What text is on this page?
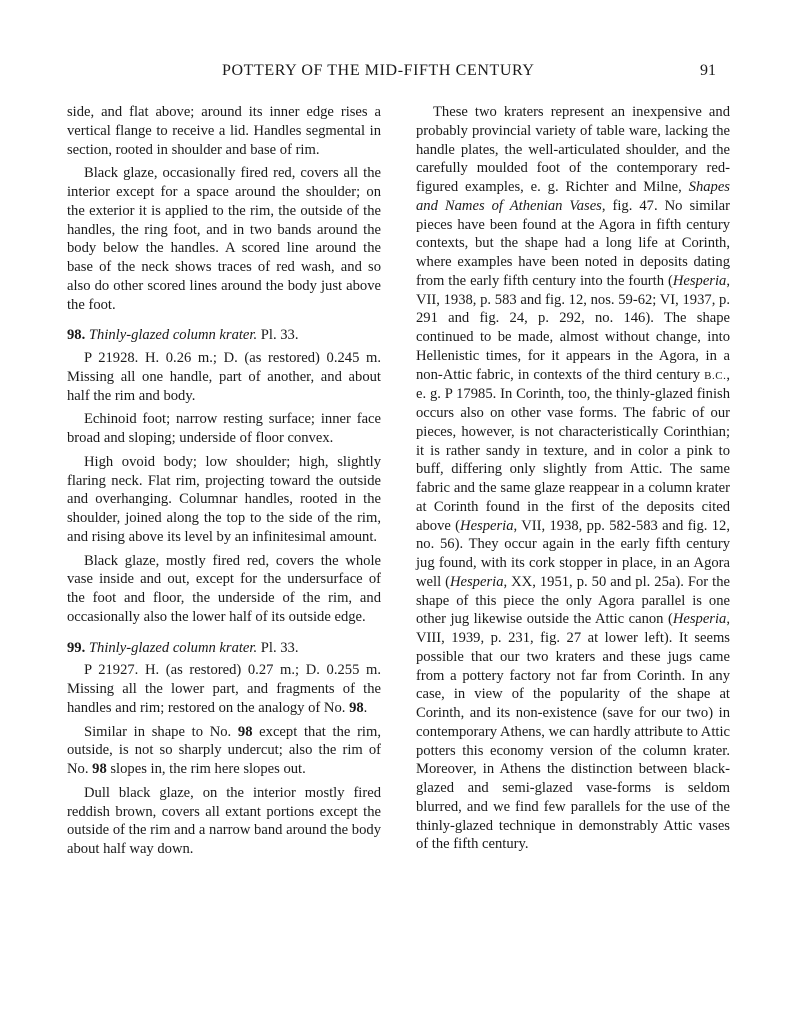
POTTERY OF THE MID-FIFTH CENTURY	91

side, and flat above; around its inner edge rises a vertical flange to receive a lid. Handles segmental in section, rooted in shoulder and base of rim.

Black glaze, occasionally fired red, covers all the interior except for a space around the shoulder; on the exterior it is applied to the rim, the outside of the handles, the ring foot, and in two bands around the body below the handles. A scored line around the base of the neck shows traces of red wash, and so also do other scored lines around the body just above the foot.

98. Thinly-glazed column krater. Pl. 33.

P 21928. H. 0.26 m.; D. (as restored) 0.245 m. Missing all one handle, part of another, and about half the rim and body.

Echinoid foot; narrow resting surface; inner face broad and sloping; underside of floor convex.

High ovoid body; low shoulder; high, slightly flaring neck. Flat rim, projecting toward the outside and overhanging. Columnar handles, rooted in the shoulder, joined along the top to the side of the rim, and rising above its level by an infinitesimal amount.

Black glaze, mostly fired red, covers the whole vase inside and out, except for the undersurface of the foot and floor, the underside of the rim, and occasionally also the lower half of its outside edge.

99. Thinly-glazed column krater. Pl. 33.

P 21927. H. (as restored) 0.27 m.; D. 0.255 m. Missing all the lower part, and fragments of the handles and rim; restored on the analogy of No. 98.

Similar in shape to No. 98 except that the rim, outside, is not so sharply undercut; also the rim of No. 98 slopes in, the rim here slopes out.

Dull black glaze, on the interior mostly fired reddish brown, covers all extant portions except the outside of the rim and a narrow band around the body about half way down.

These two kraters represent an inexpensive and probably provincial variety of table ware, lacking the handle plates, the well-articulated shoulder, and the carefully moulded foot of the contemporary red-figured examples, e. g. Richter and Milne, Shapes and Names of Athenian Vases, fig. 47. No similar pieces have been found at the Agora in fifth century contexts, but the shape had a long life at Corinth, where examples have been noted in deposits dating from the early fifth century into the fourth (Hesperia, VII, 1938, p. 583 and fig. 12, nos. 59-62; VI, 1937, p. 291 and fig. 24, p. 292, no. 146). The shape continued to be made, almost without change, into Hellenistic times, for it appears in the Agora, in a non-Attic fabric, in contexts of the third century B.C., e. g. P 17985. In Corinth, too, the thinly-glazed finish occurs also on other vase forms. The fabric of our pieces, however, is not characteristically Corinthian; it is rather sandy in texture, and in color a pink to buff, differing only slightly from Attic. The same fabric and the same glaze reappear in a column krater at Corinth found in the first of the deposits cited above (Hesperia, VII, 1938, pp. 582-583 and fig. 12, no. 56). They occur again in the early fifth century jug found, with its cork stopper in place, in an Agora well (Hesperia, XX, 1951, p. 50 and pl. 25a). For the shape of this piece the only Agora parallel is one other jug likewise outside the Attic canon (Hesperia, VIII, 1939, p. 231, fig. 27 at lower left). It seems possible that our two kraters and these jugs came from a pottery factory not far from Corinth. In any case, in view of the popularity of the shape at Corinth, and its non-existence (save for our two) in contemporary Athens, we can hardly attribute to Attic potters this economy version of the column krater. Moreover, in Athens the distinction between black-glazed and semi-glazed vase-forms is seldom blurred, and we find few parallels for the use of the thinly-glazed technique in demonstrably Attic vases of the fifth century.
